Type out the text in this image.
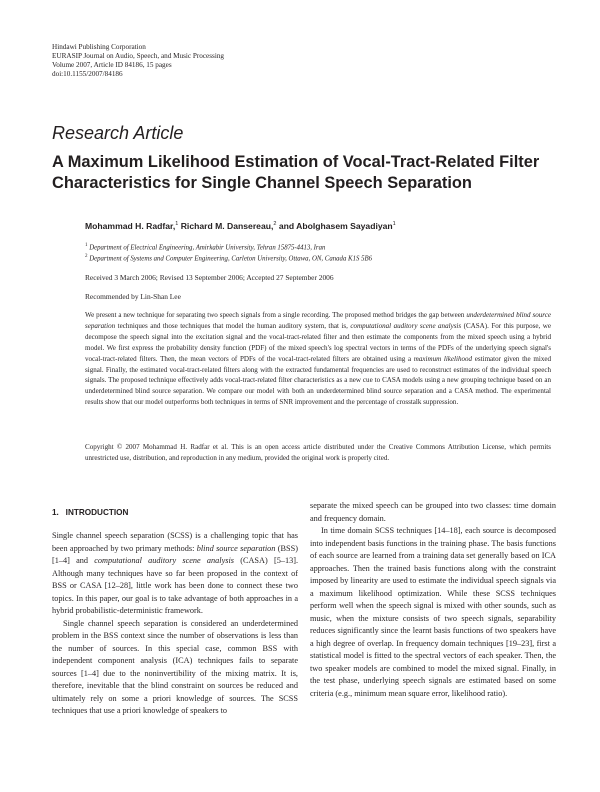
Hindawi Publishing Corporation
EURASIP Journal on Audio, Speech, and Music Processing
Volume 2007, Article ID 84186, 15 pages
doi:10.1155/2007/84186
Research Article
A Maximum Likelihood Estimation of Vocal-Tract-Related Filter Characteristics for Single Channel Speech Separation
Mohammad H. Radfar,$^1$ Richard M. Dansereau,$^2$ and Abolghasem Sayadiyan$^1$
$^1$ Department of Electrical Engineering, Amirkabir University, Tehran 15875-4413, Iran
$^2$ Department of Systems and Computer Engineering, Carleton University, Ottawa, ON, Canada K1S 5B6
Received 3 March 2006; Revised 13 September 2006; Accepted 27 September 2006
Recommended by Lin-Shan Lee
We present a new technique for separating two speech signals from a single recording. The proposed method bridges the gap between underdetermined blind source separation techniques and those techniques that model the human auditory system, that is, computational auditory scene analysis (CASA). For this purpose, we decompose the speech signal into the excitation signal and the vocal-tract-related filter and then estimate the components from the mixed speech using a hybrid model. We first express the probability density function (PDF) of the mixed speech's log spectral vectors in terms of the PDFs of the underlying speech signal's vocal-tract-related filters. Then, the mean vectors of PDFs of the vocal-tract-related filters are obtained using a maximum likelihood estimator given the mixed signal. Finally, the estimated vocal-tract-related filters along with the extracted fundamental frequencies are used to reconstruct estimates of the individual speech signals. The proposed technique effectively adds vocal-tract-related filter characteristics as a new cue to CASA models using a new grouping technique based on an underdetermined blind source separation. We compare our model with both an underdetermined blind source separation and a CASA method. The experimental results show that our model outperforms both techniques in terms of SNR improvement and the percentage of crosstalk suppression.
Copyright © 2007 Mohammad H. Radfar et al. This is an open access article distributed under the Creative Commons Attribution License, which permits unrestricted use, distribution, and reproduction in any medium, provided the original work is properly cited.
1. INTRODUCTION

Single channel speech separation (SCSS) is a challenging topic that has been approached by two primary methods: blind source separation (BSS) [1–4] and computational auditory scene analysis (CASA) [5–13]. Although many techniques have so far been proposed in the context of BSS or CASA [12–28], little work has been done to connect these two topics. In this paper, our goal is to take advantage of both approaches in a hybrid probabilistic-deterministic framework.

Single channel speech separation is considered an underdetermined problem in the BSS context since the number of observations is less than the number of sources. In this special case, common BSS with independent component analysis (ICA) techniques fails to separate sources [1–4] due to the noninvertibility of the mixing matrix. It is, therefore, inevitable that the blind constraint on sources be reduced and ultimately rely on some a priori knowledge of sources. The SCSS techniques that use a priori knowledge of speakers to

separate the mixed speech can be grouped into two classes: time domain and frequency domain.

In time domain SCSS techniques [14–18], each source is decomposed into independent basis functions in the training phase. The basis functions of each source are learned from a training data set generally based on ICA approaches. Then the trained basis functions along with the constraint imposed by linearity are used to estimate the individual speech signals via a maximum likelihood optimization. While these SCSS techniques perform well when the speech signal is mixed with other sounds, such as music, when the mixture consists of two speech signals, separability reduces significantly since the learnt basis functions of two speakers have a high degree of overlap. In frequency domain techniques [19–23], first a statistical model is fitted to the spectral vectors of each speaker. Then, the two speaker models are combined to model the mixed signal. Finally, in the test phase, underlying speech signals are estimated based on some criteria (e.g., minimum mean square error, likelihood ratio).
